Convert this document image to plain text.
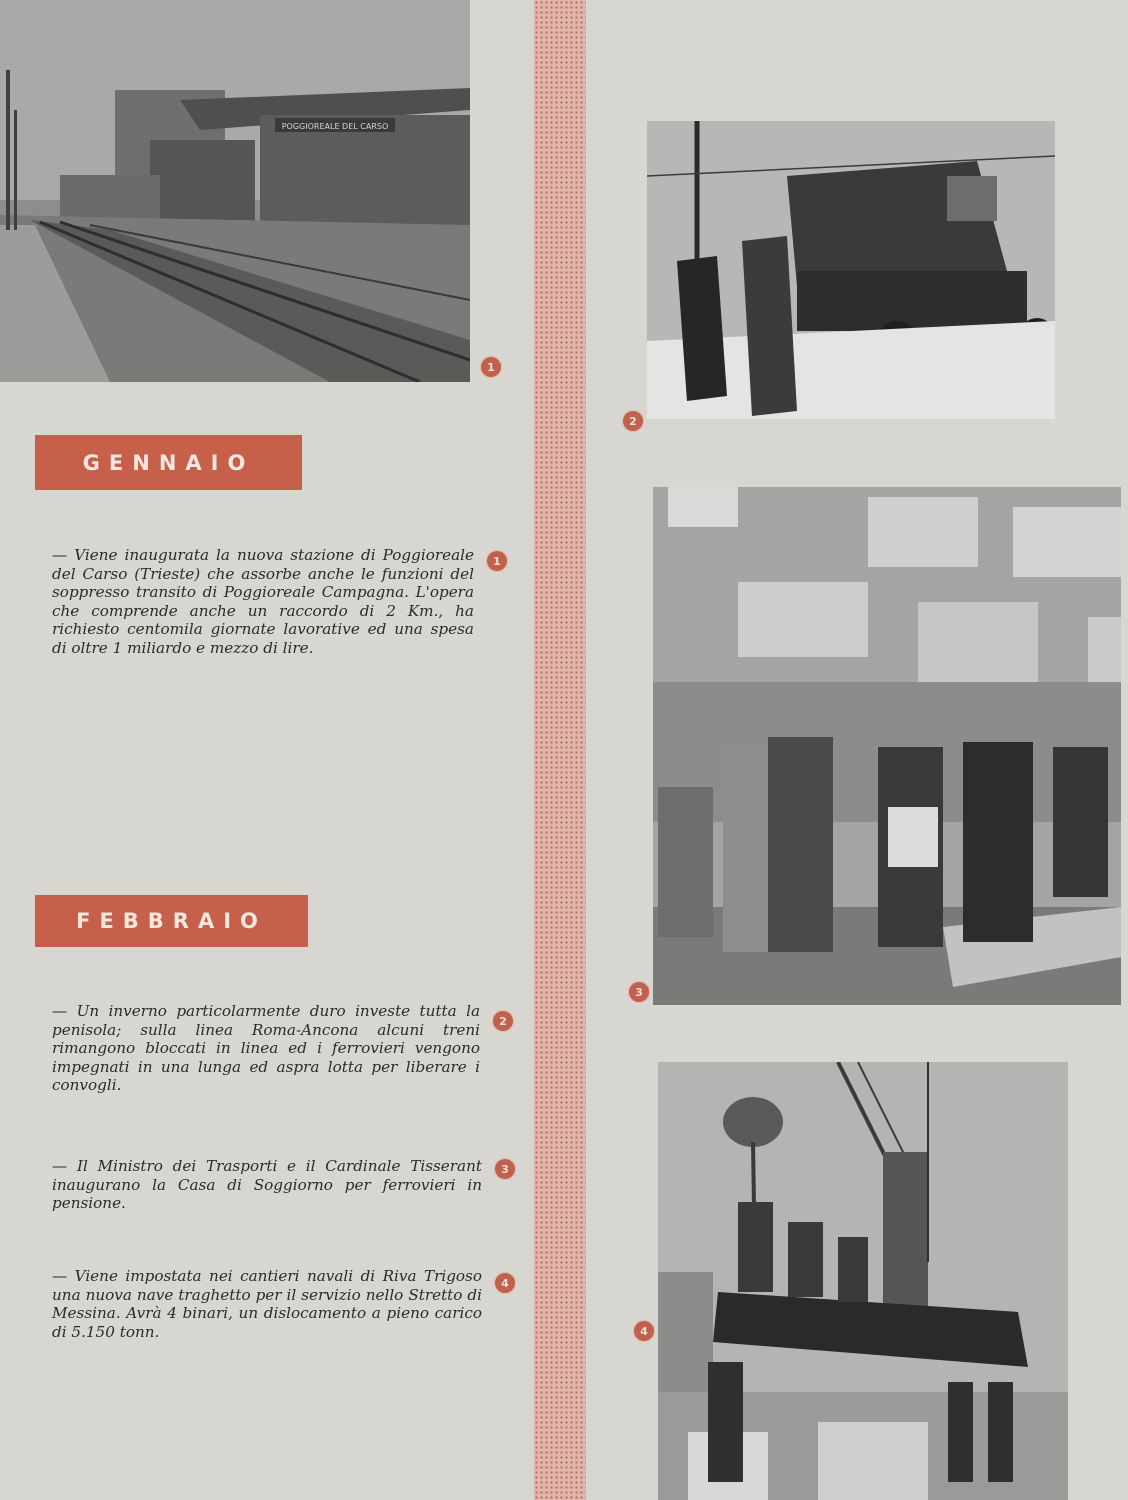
POGGIOREALE DEL CARSO
1
2
3
4
GENNAIO

— Viene inaugurata la nuova stazione di Poggioreale del Carso (Trieste) che assorbe anche le funzioni del soppresso transito di Poggioreale Campagna. L'opera che comprende anche un raccordo di 2 Km., ha richiesto centomila giornate lavorative ed una spesa di oltre 1 miliardo e mezzo di lire.

1
FEBBRAIO

— Un inverno particolarmente duro investe tutta la penisola; sulla linea Roma-Ancona alcuni treni rimangono bloccati in linea ed i ferrovieri vengono impegnati in una lunga ed aspra lotta per liberare i convogli.

2

— Il Ministro dei Trasporti e il Cardinale Tisserant inaugurano la Casa di Soggiorno per ferrovieri in pensione.

3

— Viene impostata nei cantieri navali di Riva Trigoso una nuova nave traghetto per il servizio nello Stretto di Messina. Avrà 4 binari, un dislocamento a pieno carico di 5.150 tonn.

4
